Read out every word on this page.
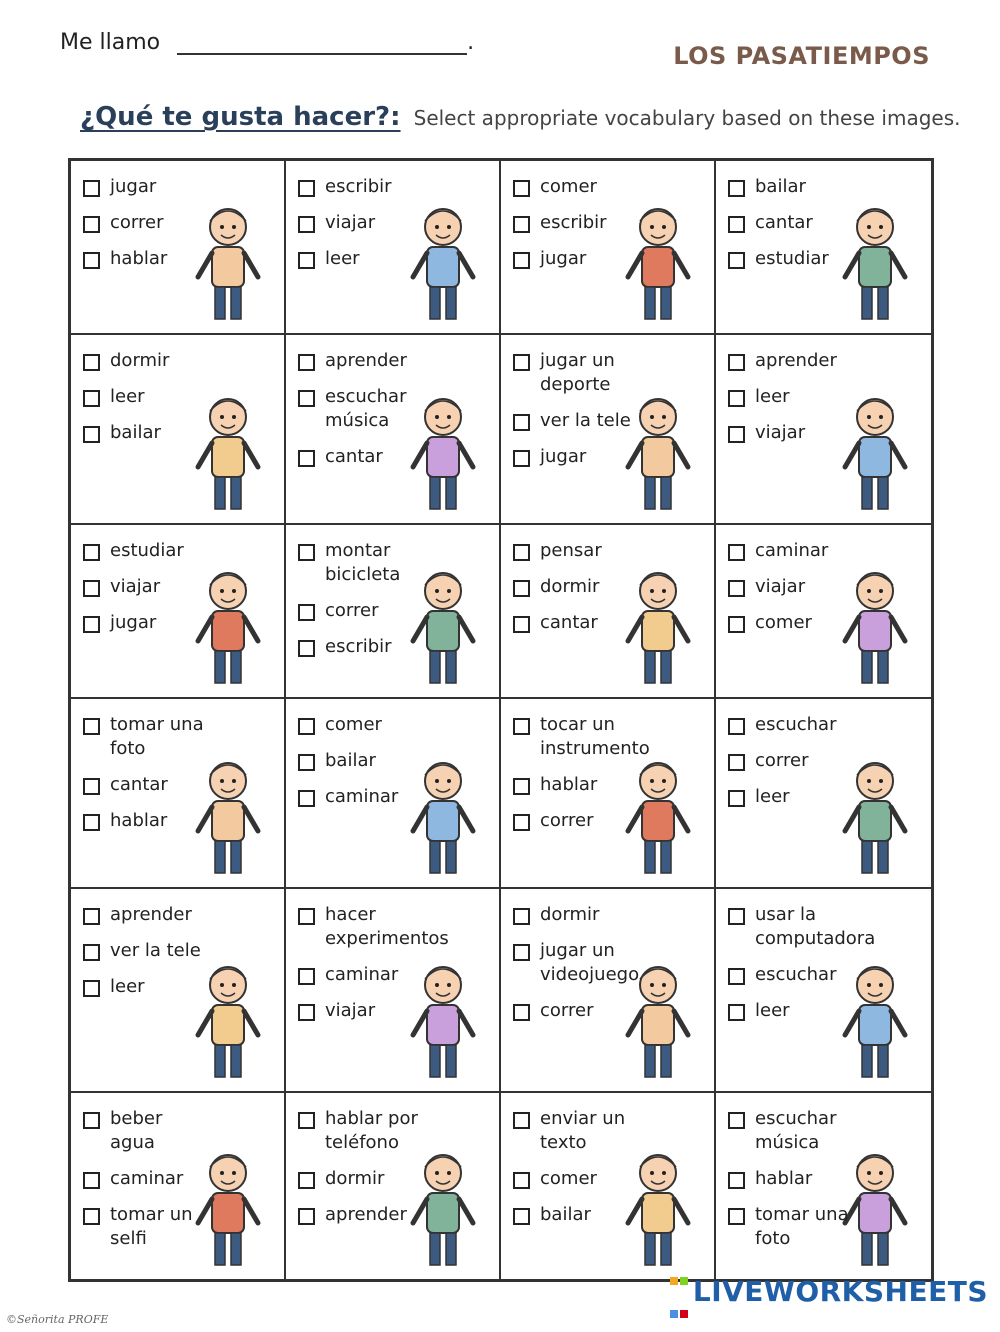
Me llamo	.	LOS PASATIEMPOS
¿Qué te gusta hacer?: Select appropriate vocabulary based on these images.
jugar
correr
hablar
escribir
viajar
leer
comer
escribir
jugar
bailar
cantar
estudiar
dormir
leer
bailar
aprender
escuchar música
cantar
jugar un deporte
ver la tele
jugar
aprender
leer
viajar
estudiar
viajar
jugar
montar bicicleta
correr
escribir
pensar
dormir
cantar
caminar
viajar
comer
tomar una foto
cantar
hablar
comer
bailar
caminar
tocar un instrumento
hablar
correr
escuchar
correr
leer
aprender
ver la tele
leer
hacer experimentos
caminar
viajar
dormir
jugar un videojuego
correr
usar la computadora
escuchar
leer
beber agua
caminar
tomar un selfi
hablar por teléfono
dormir
aprender
enviar un texto
comer
bailar
escuchar música
hablar
tomar una foto
©Señorita PROFE

LIVEWORKSHEETS
